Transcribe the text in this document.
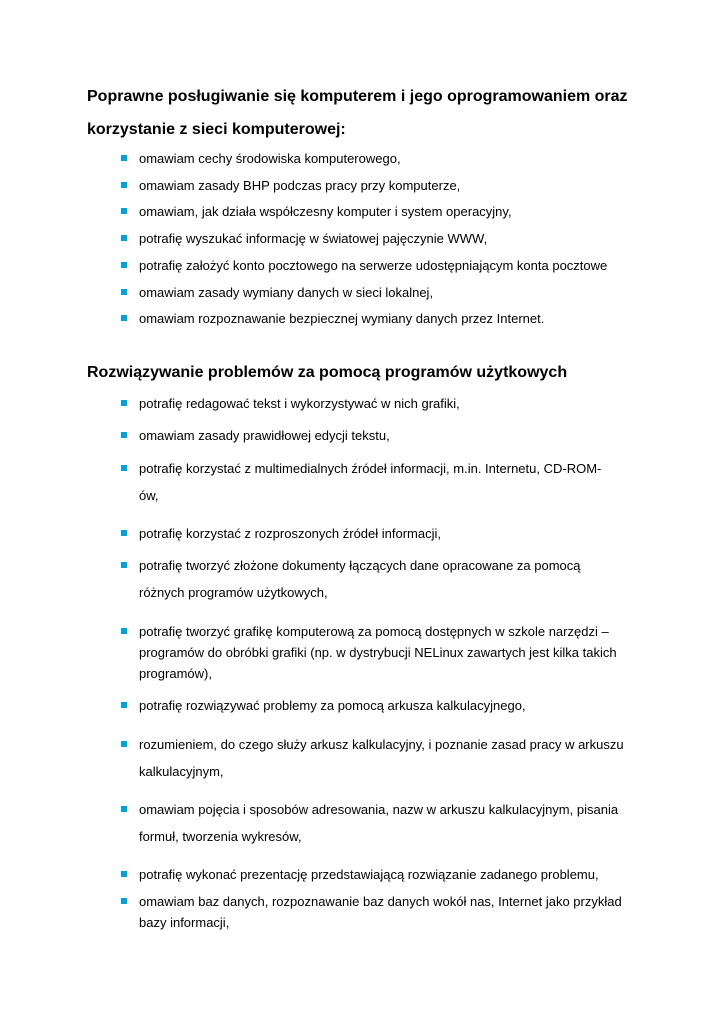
Poprawne posługiwanie się komputerem i jego oprogramowaniem oraz
korzystanie z sieci komputerowej:
omawiam cechy środowiska komputerowego,
omawiam zasady BHP podczas pracy przy komputerze,
omawiam, jak działa współczesny komputer i system operacyjny,
potrafię wyszukać informację w światowej pajęczynie WWW,
potrafię założyć konto pocztowego na serwerze udostępniającym konta pocztowe
omawiam zasady wymiany danych w sieci lokalnej,
omawiam rozpoznawanie bezpiecznej wymiany danych przez Internet.
Rozwiązywanie problemów za pomocą programów użytkowych
potrafię redagować tekst i wykorzystywać w nich grafiki,
omawiam zasady prawidłowej edycji tekstu,
potrafię korzystać z multimedialnych źródeł informacji, m.in. Internetu, CD-ROM-
ów,
potrafię korzystać z rozproszonych źródeł informacji,
potrafię tworzyć złożone dokumenty łączących dane opracowane za pomocą
różnych programów użytkowych,
potrafię tworzyć grafikę komputerową za pomocą dostępnych w szkole narzędzi –
programów do obróbki grafiki (np. w dystrybucji NELinux zawartych jest kilka takich
programów),
potrafię rozwiązywać problemy za pomocą arkusza kalkulacyjnego,
rozumieniem, do czego służy arkusz kalkulacyjny, i poznanie zasad pracy w arkuszu
kalkulacyjnym,
omawiam pojęcia i sposobów adresowania, nazw w arkuszu kalkulacyjnym, pisania
formuł, tworzenia wykresów,
potrafię wykonać prezentację przedstawiającą rozwiązanie zadanego problemu,
omawiam baz danych, rozpoznawanie baz danych wokół nas, Internet jako przykład
bazy informacji,
